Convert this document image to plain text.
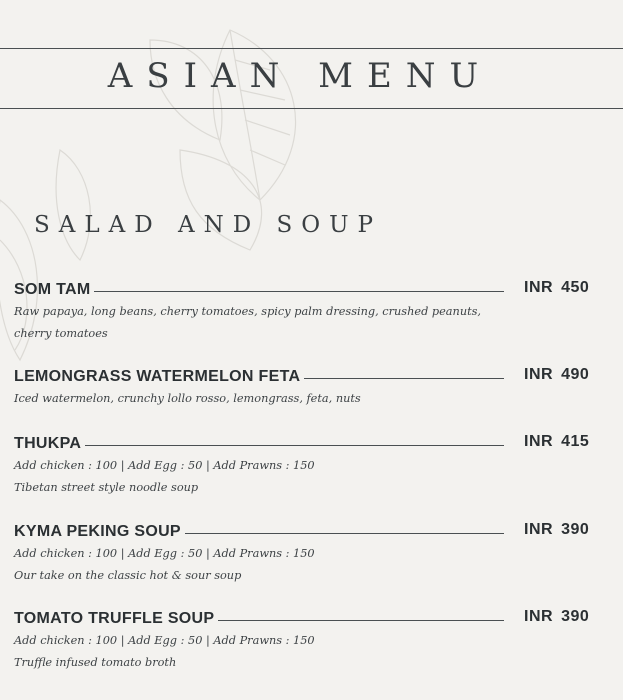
ASIAN MENU
SALAD AND SOUP
SOM TAM	INR 450
Raw papaya, long beans, cherry tomatoes, spicy palm dressing, crushed peanuts,
cherry tomatoes
LEMONGRASS WATERMELON FETA	INR 490
Iced watermelon, crunchy lollo rosso, lemongrass, feta, nuts
THUKPA	INR 415
Add chicken : 100 | Add Egg : 50 | Add Prawns : 150
Tibetan street style noodle soup
KYMA PEKING SOUP	INR 390
Add chicken : 100 | Add Egg : 50 | Add Prawns : 150
Our take on the classic hot & sour soup
TOMATO TRUFFLE SOUP	INR 390
Add chicken : 100 | Add Egg : 50 | Add Prawns : 150
Truffle infused tomato broth
